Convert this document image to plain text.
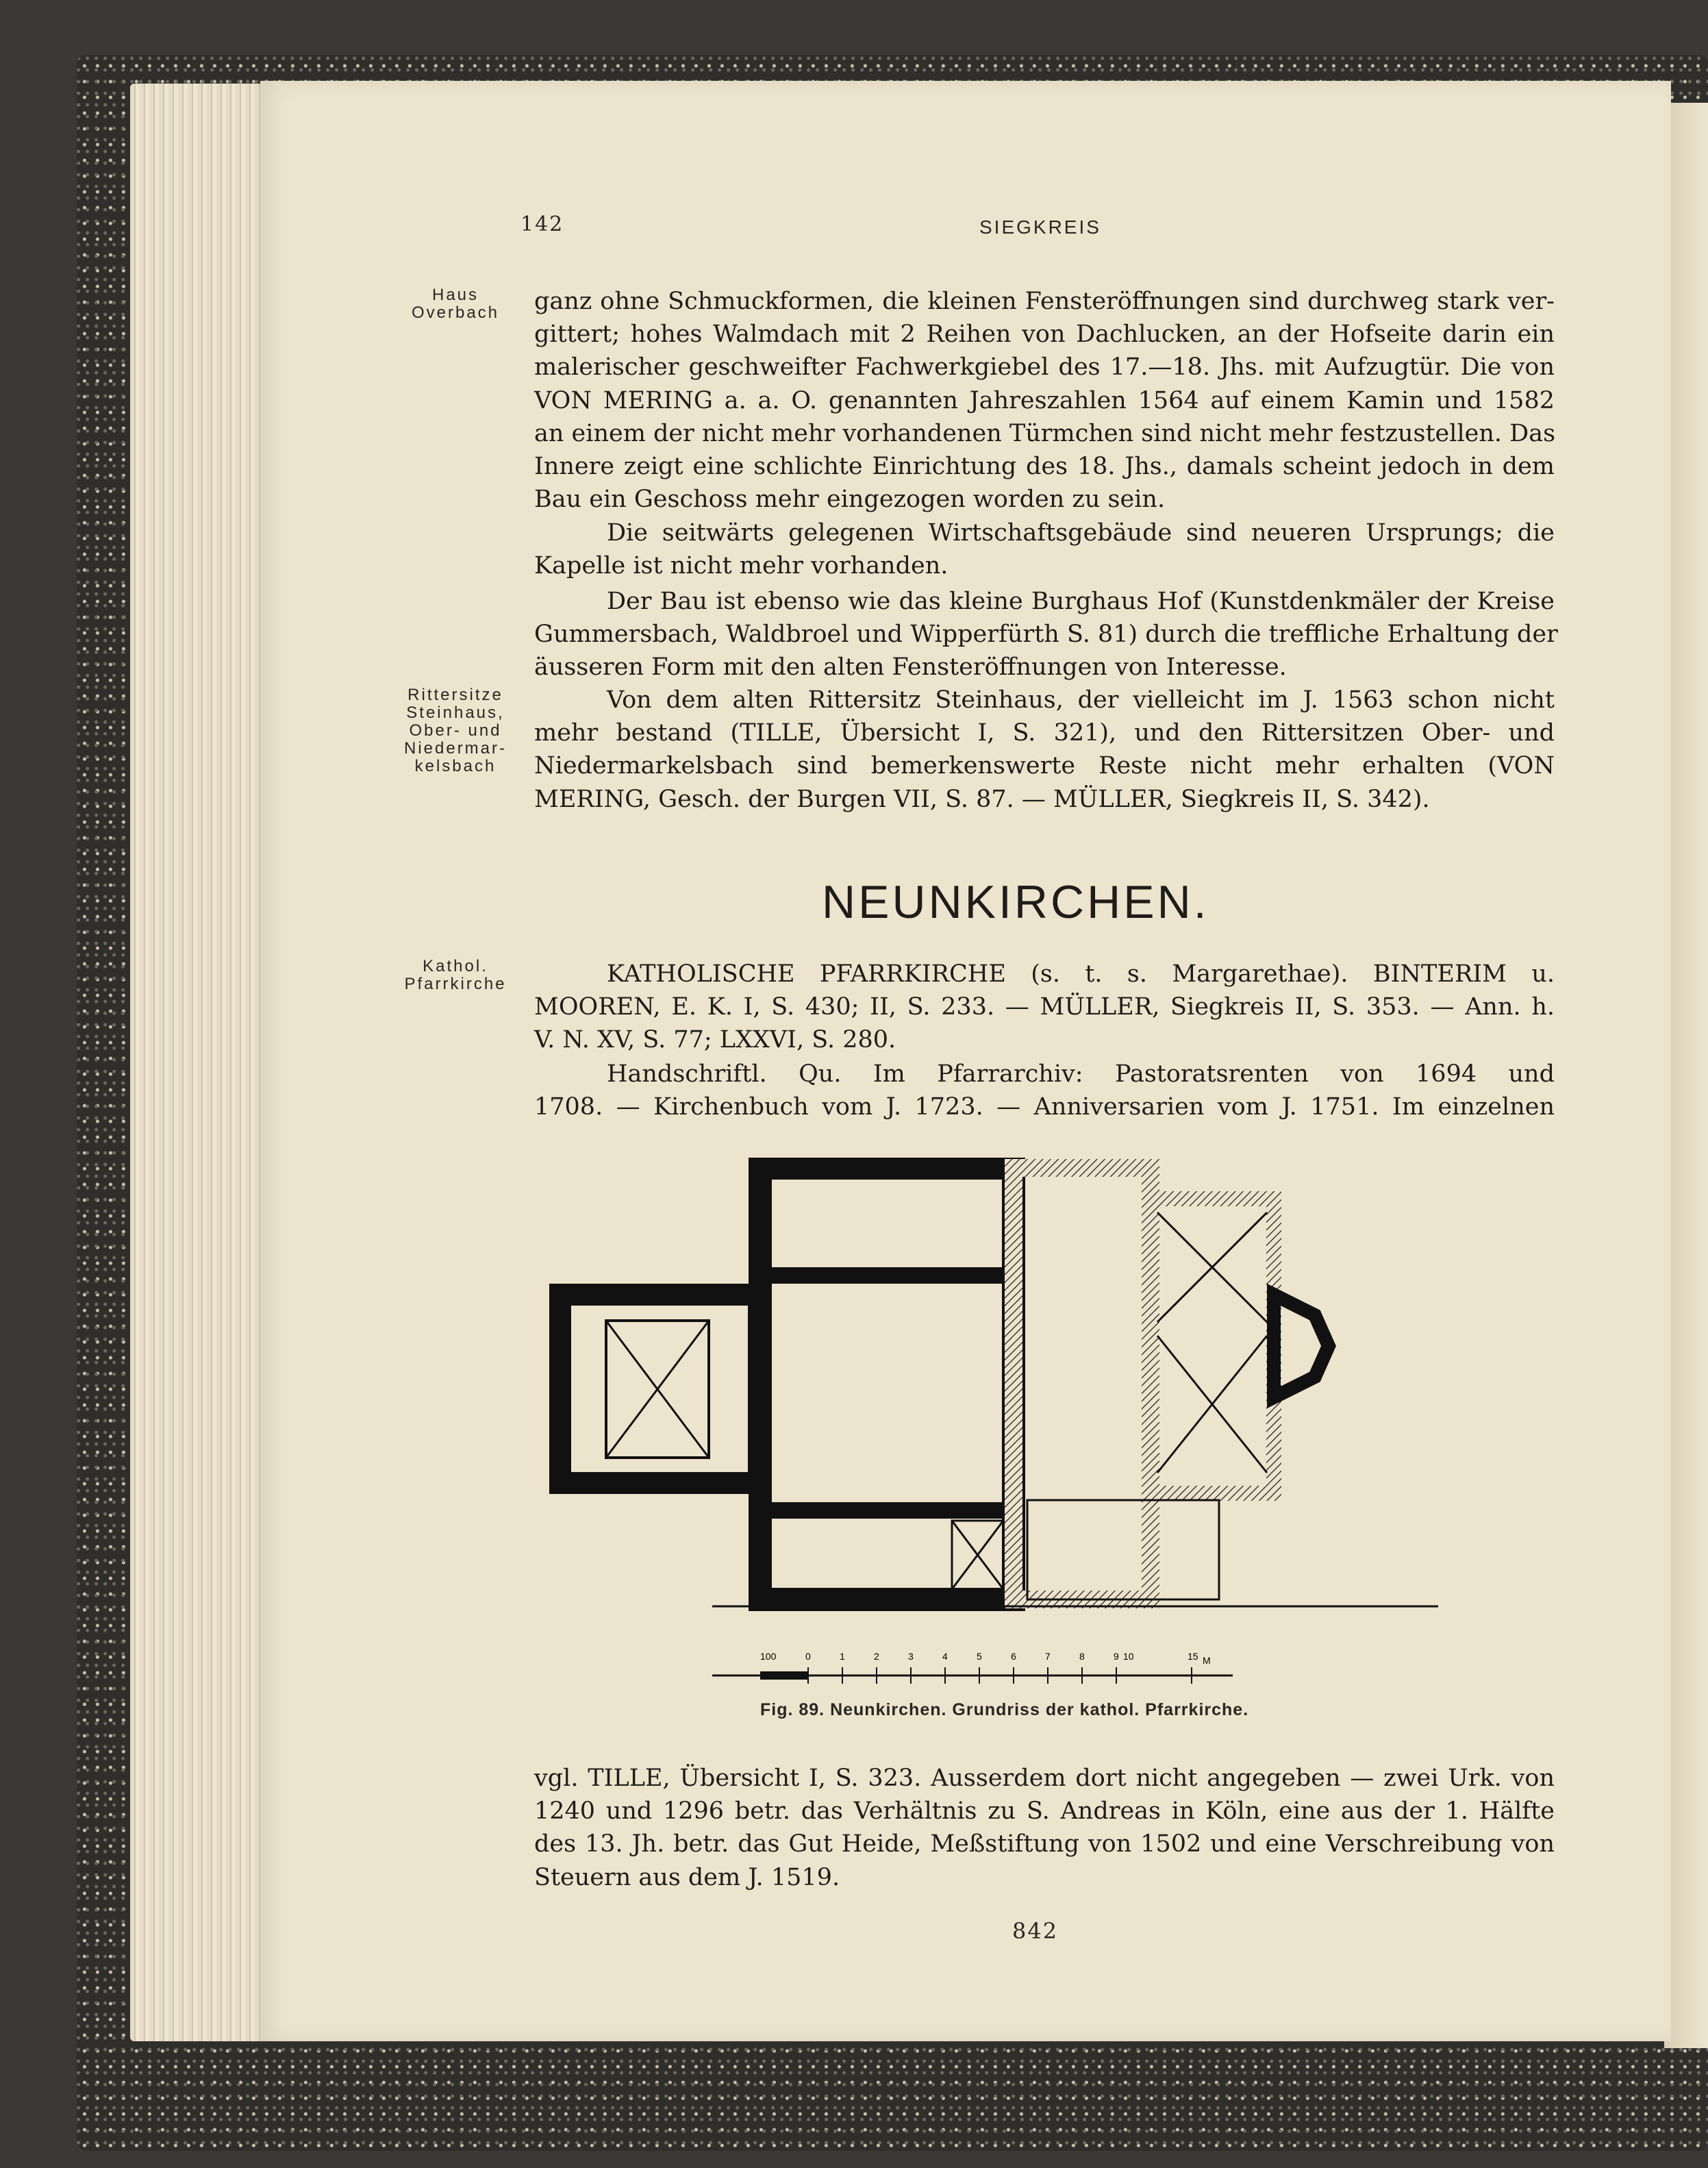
142	SIEGKREIS
Haus
Overbach
Rittersitze
Steinhaus,
Ober- und
Niedermar-
kelsbach
Kathol.
Pfarrkirche
ganz ohne Schmuckformen, die kleinen Fensteröffnungen sind durchweg stark ver-
gittert; hohes Walmdach mit 2 Reihen von Dachlucken, an der Hofseite darin ein
malerischer geschweifter Fachwerkgiebel des 17.—18. Jhs. mit Aufzugtür. Die von
VON MERING a. a. O. genannten Jahreszahlen 1564 auf einem Kamin und 1582
an einem der nicht mehr vorhandenen Türmchen sind nicht mehr festzustellen. Das
Innere zeigt eine schlichte Einrichtung des 18. Jhs., damals scheint jedoch in dem
Bau ein Geschoss mehr eingezogen worden zu sein.
Die seitwärts gelegenen Wirtschaftsgebäude sind neueren Ursprungs; die
Kapelle ist nicht mehr vorhanden.
Der Bau ist ebenso wie das kleine Burghaus Hof (Kunstdenkmäler der Kreise
Gummersbach, Waldbroel und Wipperfürth S. 81) durch die treffliche Erhaltung der
äusseren Form mit den alten Fensteröffnungen von Interesse.
Von dem alten Rittersitz Steinhaus, der vielleicht im J. 1563 schon nicht
mehr bestand (TILLE, Übersicht I, S. 321), und den Rittersitzen Ober- und
Niedermarkelsbach sind bemerkenswerte Reste nicht mehr erhalten (VON
MERING, Gesch. der Burgen VII, S. 87. — MÜLLER, Siegkreis II, S. 342).
NEUNKIRCHEN.
KATHOLISCHE PFARRKIRCHE (s. t. s. Margarethae). BINTERIM u.
MOOREN, E. K. I, S. 430; II, S. 233. — MÜLLER, Siegkreis II, S. 353. — Ann. h.
V. N. XV, S. 77; LXXVI, S. 280.
Handschriftl. Qu. Im Pfarrarchiv: Pastoratsrenten von 1694 und
1708. — Kirchenbuch vom J. 1723. — Anniversarien vom J. 1751. Im einzelnen
100	0	1	2	3	4	5	6	7	8	9 10	15 M
Fig. 89. Neunkirchen. Grundriss der kathol. Pfarrkirche.
vgl. TILLE, Übersicht I, S. 323. Ausserdem dort nicht angegeben — zwei Urk. von
1240 und 1296 betr. das Verhältnis zu S. Andreas in Köln, eine aus der 1. Hälfte
des 13. Jh. betr. das Gut Heide, Meßstiftung von 1502 und eine Verschreibung von
Steuern aus dem J. 1519.
842
